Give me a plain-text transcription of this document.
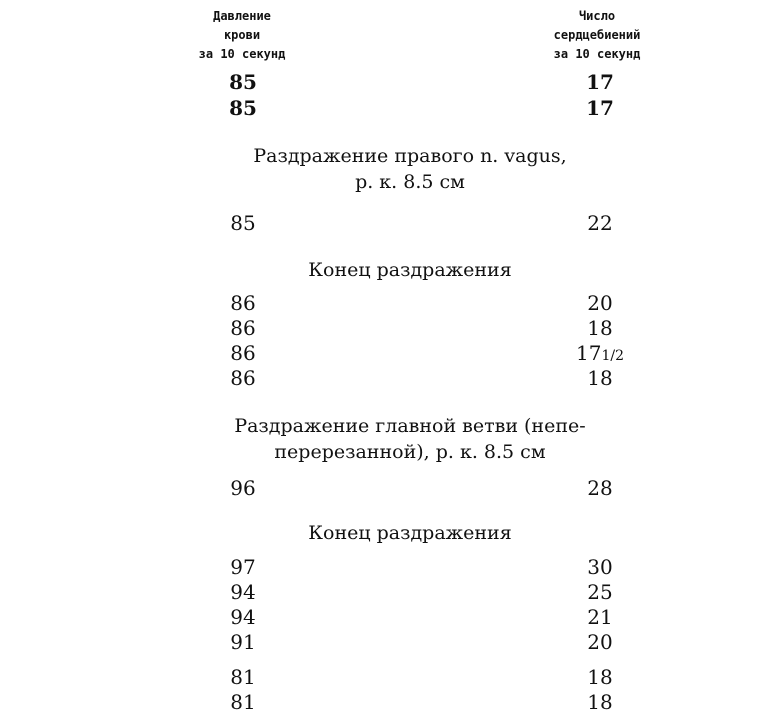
Давление
крови
за 10 секунд
Число
сердцебиений
за 10 секунд
85	17
85	17
Раздражение правого n. vagus,
р. к. 8.5 см
85	22
Конец раздражения
86	20
86	18
86	171/2
86	18
Раздражение главной ветви (непе-
перерезанной), р. к. 8.5 см
96	28
Конец раздражения
97	30
94	25
94	21
91	20
81	18
81	18
